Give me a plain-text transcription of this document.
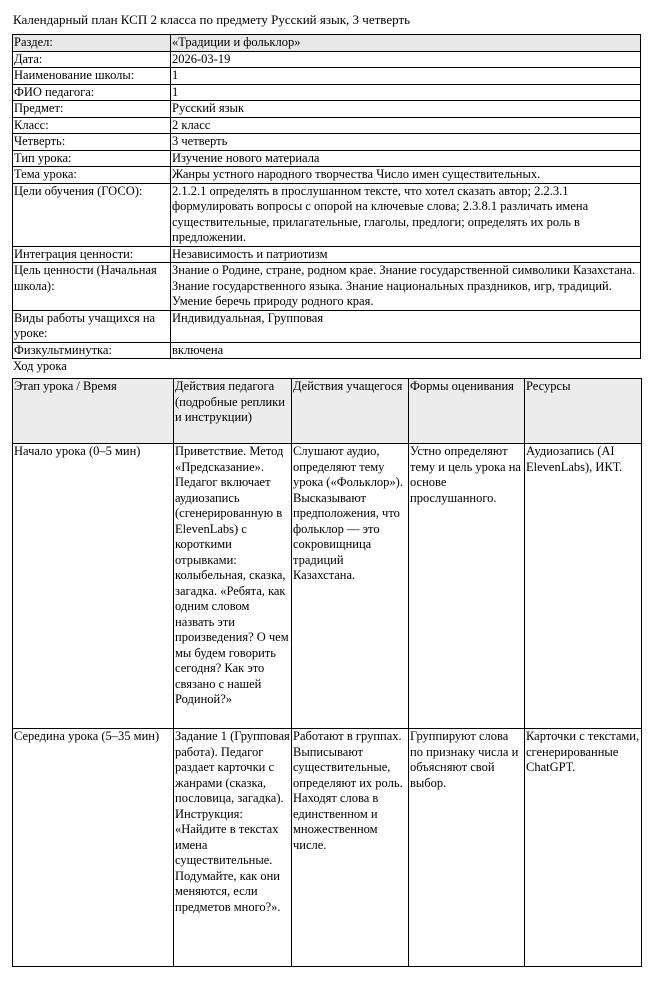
Календарный план КСП 2 класса по предмету Русский язык, 3 четверть
Раздел:	«Традиции и фольклор»
Дата:	2026-03-19
Наименование школы:	1
ФИО педагога:	1
Предмет:	Русский язык
Класс:	2 класс
Четверть:	3 четверть
Тип урока:	Изучение нового материала
Тема урока:	Жанры устного народного творчества Число имен существительных.
Цели обучения (ГОСО):	2.1.2.1 определять в прослушанном тексте, что хотел сказать автор; 2.2.3.1 формулировать вопросы с опорой на ключевые слова; 2.3.8.1 различать имена существительные, прилагательные, глаголы, предлоги; определять их роль в предложении.
Интеграция ценности:	Независимость и патриотизм
Цель ценности (Начальная школа):	Знание о Родине, стране, родном крае. Знание государственной символики Казахстана. Знание государственного языка. Знание национальных праздников, игр, традиций. Умение беречь природу родного края.
Виды работы учащихся на уроке:	Индивидуальная, Групповая
Физкультминутка:	включена
Ход урока
Этап урока / Время	Действия педагога (подробные реплики и инструкции)	Действия учащегося	Формы оценивания	Ресурсы
Начало урока (0–5 мин)	Приветствие. Метод «Предсказание». Педагог включает аудиозапись (сгенерированную в ElevenLabs) с короткими отрывками: колыбельная, сказка, загадка. «Ребята, как одним словом назвать эти произведения? О чем мы будем говорить сегодня? Как это связано с нашей Родиной?»	Слушают аудио, определяют тему урока («Фольклор»). Высказывают предположения, что фольклор — это сокровищница традиций Казахстана.	Устно определяют тему и цель урока на основе прослушанного.	Аудиозапись (AI ElevenLabs), ИКТ.
Середина урока (5–35 мин)	Задание 1 (Групповая работа). Педагог раздает карточки с жанрами (сказка, пословица, загадка). Инструкция: «Найдите в текстах имена существительные. Подумайте, как они меняются, если предметов много?».	Работают в группах. Выписывают существительные, определяют их роль. Находят слова в единственном и множественном числе.	Группируют слова по признаку числа и объясняют свой выбор.	Карточки с текстами, сгенерированные ChatGPT.
